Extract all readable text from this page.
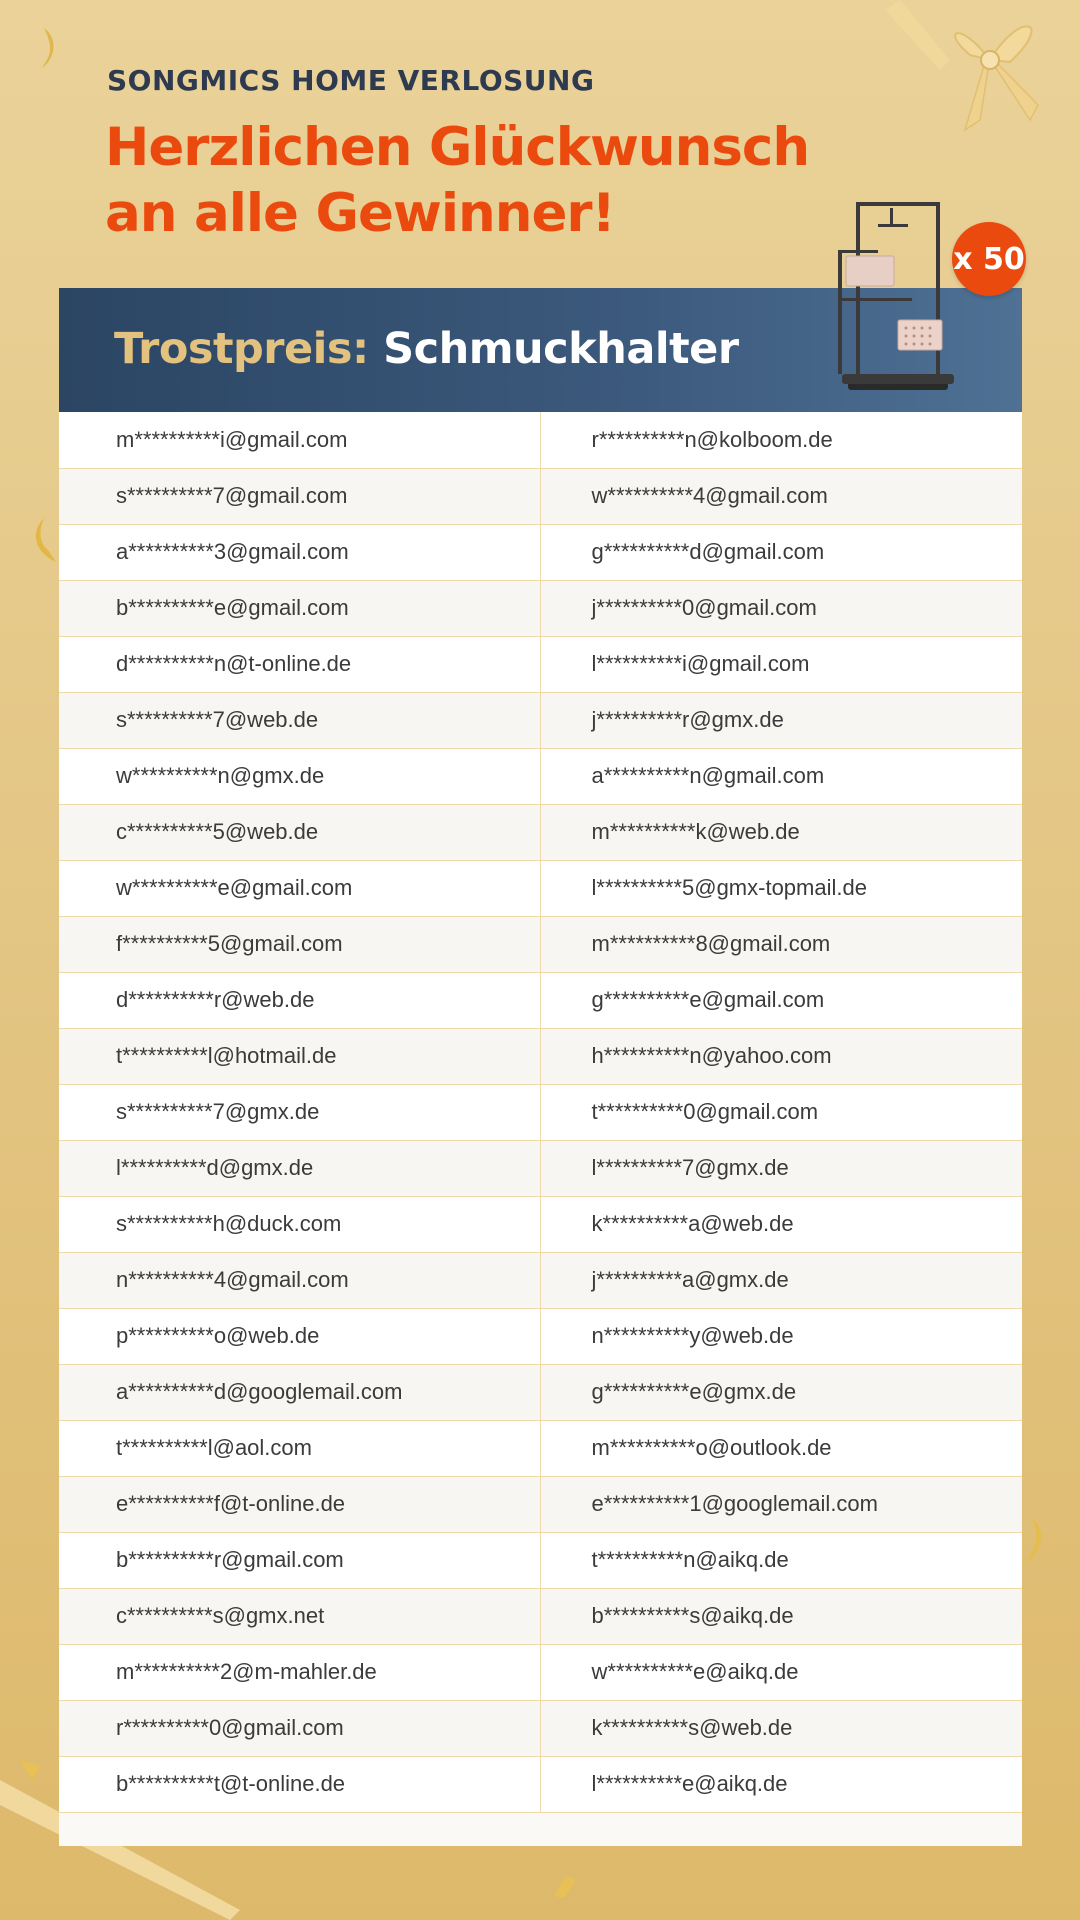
SONGMICS HOME VERLOSUNG
Herzlichen Glückwunsch
an alle Gewinner!
Trostpreis: Schmuckhalter
m**********i@gmail.com	r**********n@kolboom.de
s**********7@gmail.com	w**********4@gmail.com
a**********3@gmail.com	g**********d@gmail.com
b**********e@gmail.com	j**********0@gmail.com
d**********n@t-online.de	l**********i@gmail.com
s**********7@web.de	j**********r@gmx.de
w**********n@gmx.de	a**********n@gmail.com
c**********5@web.de	m**********k@web.de
w**********e@gmail.com	l**********5@gmx-topmail.de
f**********5@gmail.com	m**********8@gmail.com
d**********r@web.de	g**********e@gmail.com
t**********l@hotmail.de	h**********n@yahoo.com
s**********7@gmx.de	t**********0@gmail.com
l**********d@gmx.de	l**********7@gmx.de
s**********h@duck.com	k**********a@web.de
n**********4@gmail.com	j**********a@gmx.de
p**********o@web.de	n**********y@web.de
a**********d@googlemail.com	g**********e@gmx.de
t**********l@aol.com	m**********o@outlook.de
e**********f@t-online.de	e**********1@googlemail.com
b**********r@gmail.com	t**********n@aikq.de
c**********s@gmx.net	b**********s@aikq.de
m**********2@m-mahler.de	w**********e@aikq.de
r**********0@gmail.com	k**********s@web.de
b**********t@t-online.de	l**********e@aikq.de
x 50
